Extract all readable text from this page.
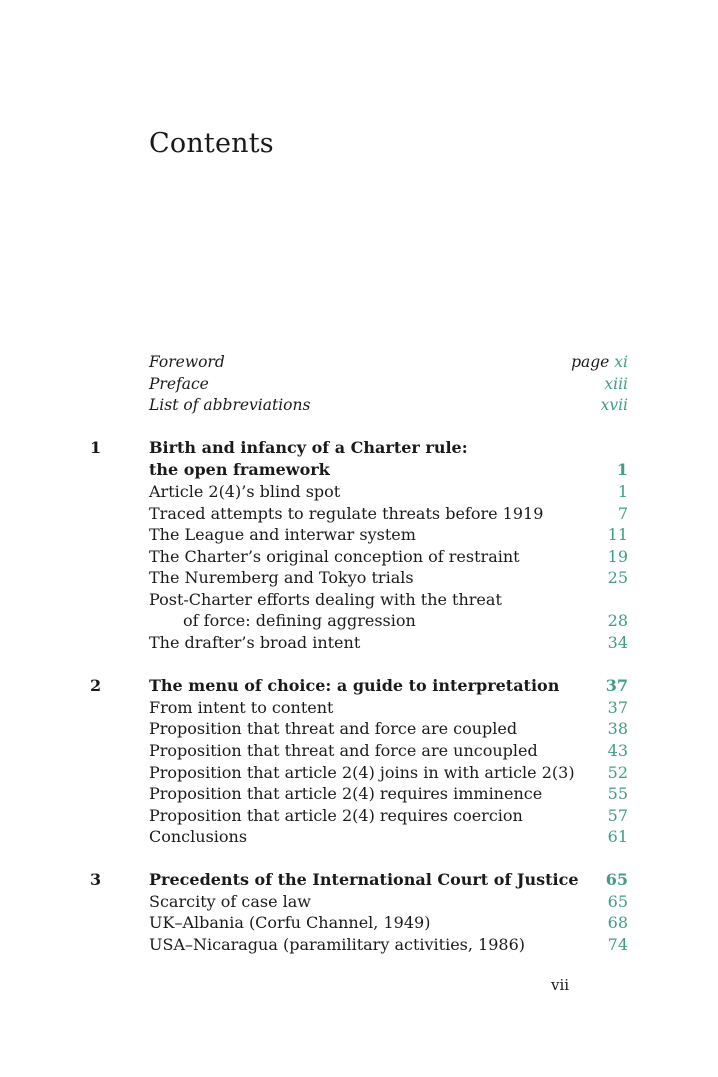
Contents
Foreword	page xi
Preface	xiii
List of abbreviations	xvii
1	Birth and infancy of a Charter rule:
the open framework	1
Article 2(4)’s blind spot	1
Traced attempts to regulate threats before 1919	7
The League and interwar system	11
The Charter’s original conception of restraint	19
The Nuremberg and Tokyo trials	25
Post-Charter efforts dealing with the threat
of force: defining aggression	28
The drafter’s broad intent	34
2	The menu of choice: a guide to interpretation	37
From intent to content	37
Proposition that threat and force are coupled	38
Proposition that threat and force are uncoupled	43
Proposition that article 2(4) joins in with article 2(3) 52
Proposition that article 2(4) requires imminence	55
Proposition that article 2(4) requires coercion	57
Conclusions	61
3	Precedents of the International Court of Justice 65
Scarcity of case law	65
UK–Albania (Corfu Channel, 1949)	68
USA–Nicaragua (paramilitary activities, 1986)	74
vii
